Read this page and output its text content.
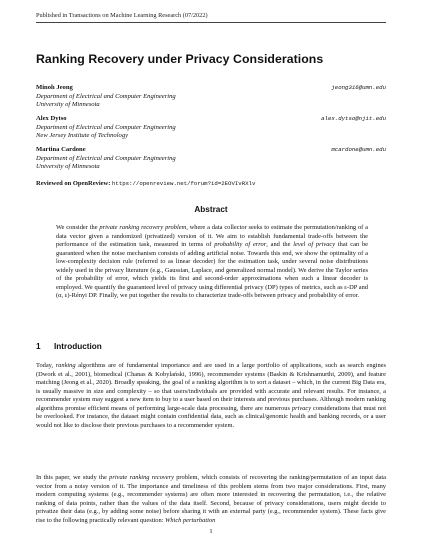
Published in Transactions on Machine Learning Research (07/2022)
Ranking Recovery under Privacy Considerations
Minoh Jeong	jeong316@umn.edu
Department of Electrical and Computer Engineering
University of Minnesota
Alex Dytso	alex.dytso@njit.edu
Department of Electrical and Computer Engineering
New Jersey Institute of Technology
Martina Cardone	mcardone@umn.edu
Department of Electrical and Computer Engineering
University of Minnesota
Reviewed on OpenReview: https://openreview.net/forum?id=2EOVIvRXlv
Abstract
We consider the private ranking recovery problem, where a data collector seeks to estimate the permutation/ranking of a data vector given a randomized (privatized) version of it. We aim to establish fundamental trade-offs between the performance of the estimation task, measured in terms of probability of error, and the level of privacy that can be guaranteed when the noise mechanism consists of adding artificial noise. Towards this end, we show the optimality of a low-complexity decision rule (referred to as linear decoder) for the estimation task, under several noise distributions widely used in the privacy literature (e.g., Gaussian, Laplace, and generalized normal model). We derive the Taylor series of the probability of error, which yields its first and second-order approximations when such a linear decoder is employed. We quantify the guaranteed level of privacy using differential privacy (DP) types of metrics, such as ε-DP and (α, ε)-Rényi DP. Finally, we put together the results to characterize trade-offs between privacy and probability of error.
1 Introduction
Today, ranking algorithms are of fundamental importance and are used in a large portfolio of applications, such as search engines (Dwork et al., 2001), biomedical (Chanas & Kobylański, 1996), recommender systems (Baskin & Krishnamurthi, 2009), and feature matching (Jeong et al., 2020). Broadly speaking, the goal of a ranking algorithm is to sort a dataset – which, in the current Big Data era, is usually massive in size and complexity – so that users/individuals are provided with accurate and relevant results. For instance, a recommender system may suggest a new item to buy to a user based on their interests and previous purchases. Although modern ranking algorithms promise efficient means of performing large-scale data processing, there are numerous privacy considerations that must not be overlooked. For instance, the dataset might contain confidential data, such as clinical/genomic health and banking records, or a user would not like to disclose their previous purchases to a recommender system.
In this paper, we study the private ranking recovery problem, which consists of recovering the ranking/permutation of an input data vector from a noisy version of it. The importance and timeliness of this problem stems from two major considerations. First, many modern computing systems (e.g., recommender systems) are often more interested in recovering the permutation, i.e., the relative ranking of data points, rather than the values of the data itself. Second, because of privacy considerations, users might decide to privatize their data (e.g., by adding some noise) before sharing it with an external party (e.g., recommender system). These facts give rise to the following practically relevant question: Which perturbation
1
